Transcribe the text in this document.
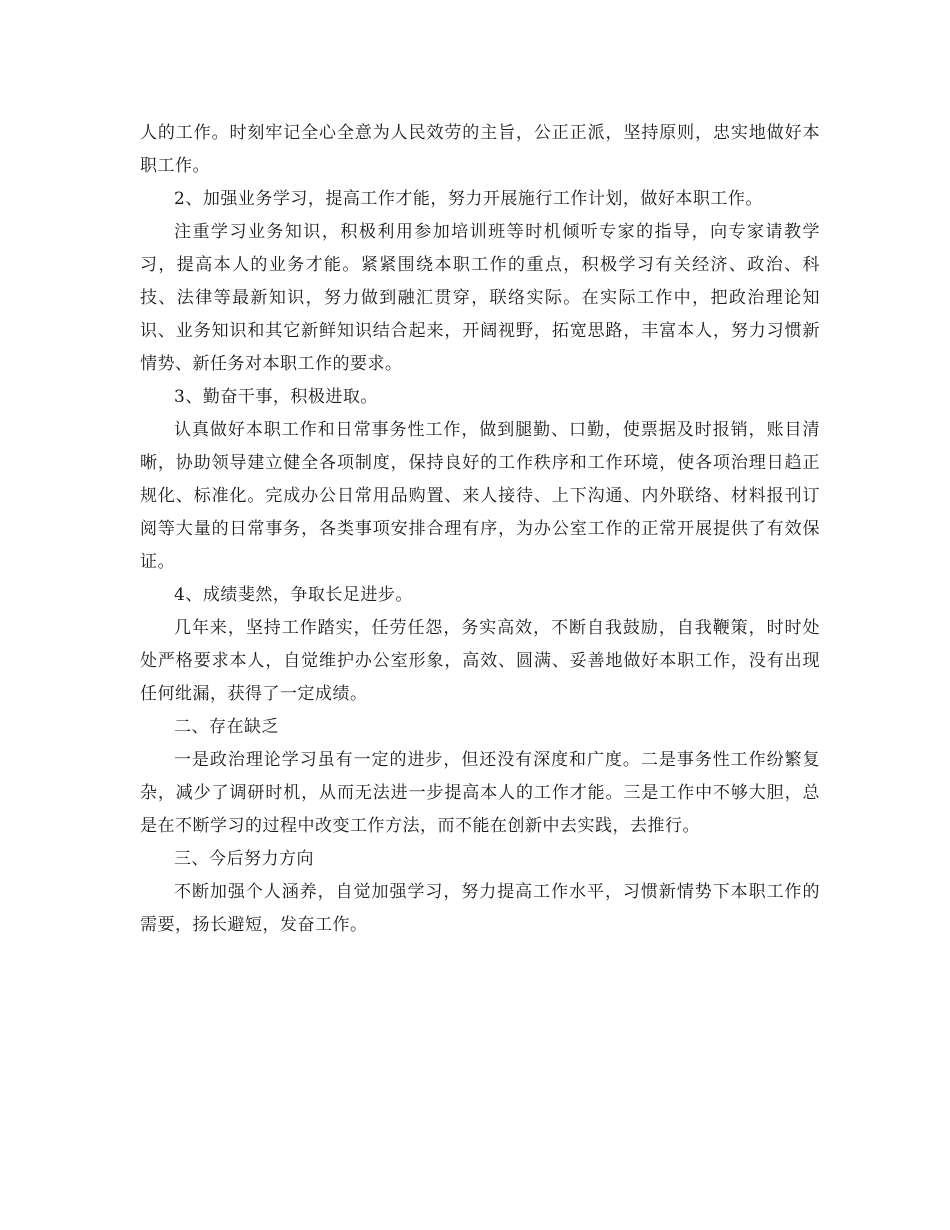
人的工作。时刻牢记全心全意为人民效劳的主旨，公正正派，坚持原则，忠实地做好本职工作。

2、加强业务学习，提高工作才能，努力开展施行工作计划，做好本职工作。

注重学习业务知识，积极利用参加培训班等时机倾听专家的指导，向专家请教学习，提高本人的业务才能。紧紧围绕本职工作的重点，积极学习有关经济、政治、科技、法律等最新知识，努力做到融汇贯穿，联络实际。在实际工作中，把政治理论知识、业务知识和其它新鲜知识结合起来，开阔视野，拓宽思路，丰富本人，努力习惯新情势、新任务对本职工作的要求。

3、勤奋干事，积极进取。

认真做好本职工作和日常事务性工作，做到腿勤、口勤，使票据及时报销，账目清晰，协助领导建立健全各项制度，保持良好的工作秩序和工作环境，使各项治理日趋正规化、标准化。完成办公日常用品购置、来人接待、上下沟通、内外联络、材料报刊订阅等大量的日常事务，各类事项安排合理有序，为办公室工作的正常开展提供了有效保证。

4、成绩斐然，争取长足进步。

几年来，坚持工作踏实，任劳任怨，务实高效，不断自我鼓励，自我鞭策，时时处处严格要求本人，自觉维护办公室形象，高效、圆满、妥善地做好本职工作，没有出现任何纰漏，获得了一定成绩。

二、存在缺乏

一是政治理论学习虽有一定的进步，但还没有深度和广度。二是事务性工作纷繁复杂，减少了调研时机，从而无法进一步提高本人的工作才能。三是工作中不够大胆，总是在不断学习的过程中改变工作方法，而不能在创新中去实践，去推行。

三、今后努力方向

不断加强个人涵养，自觉加强学习，努力提高工作水平，习惯新情势下本职工作的需要，扬长避短，发奋工作。
